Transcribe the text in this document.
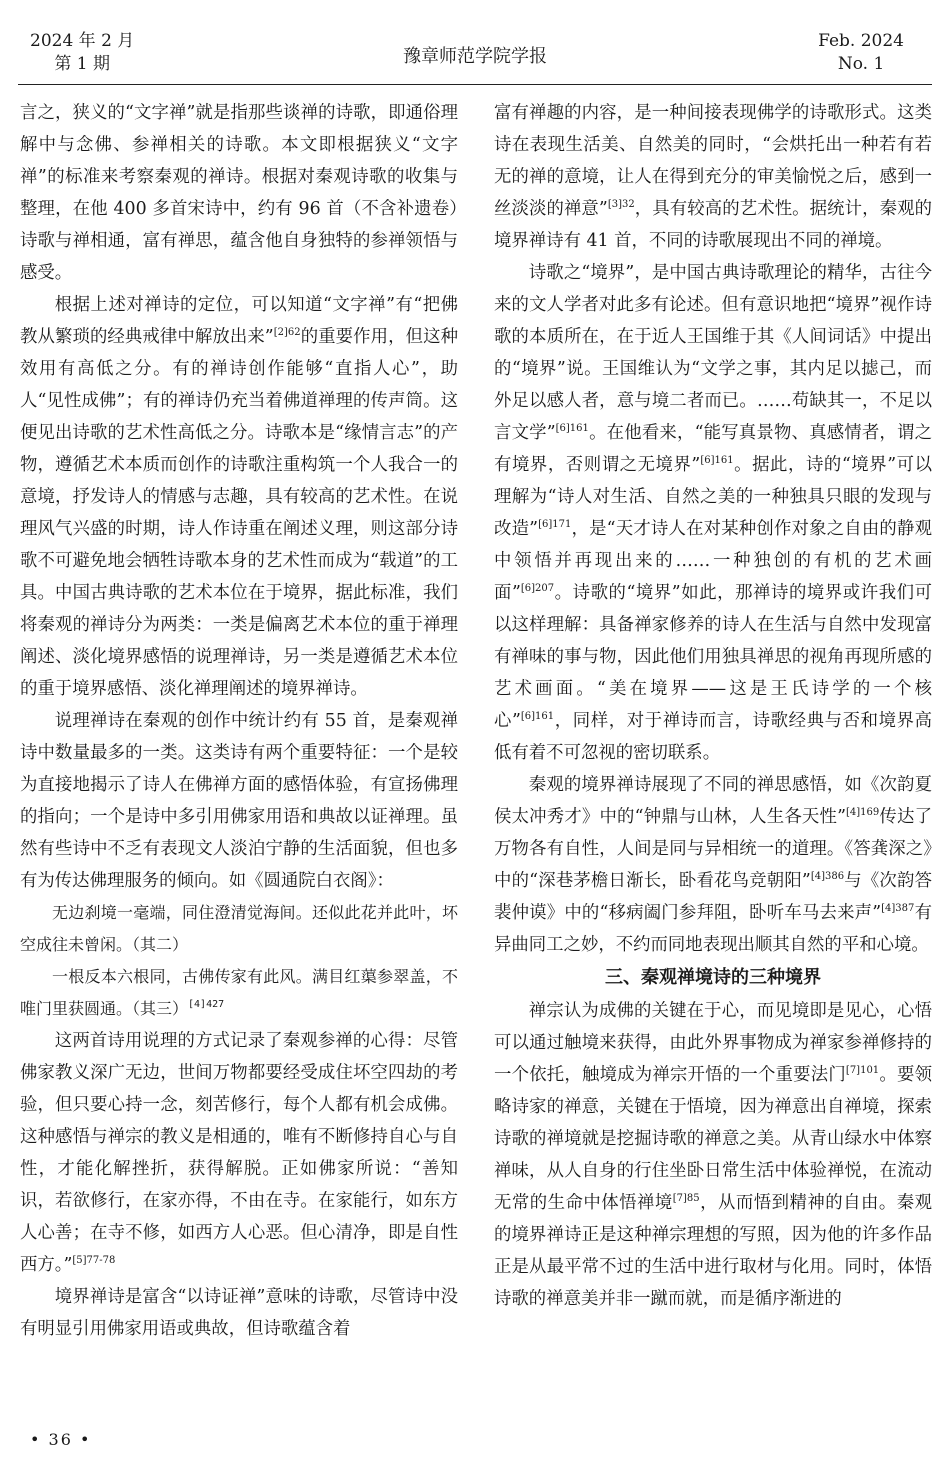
2024 年 2 月
第 1 期	豫章师范学院学报
Feb. 2024
No. 1

言之，狭义的“文字禅”就是指那些谈禅的诗歌，即通俗理解中与念佛、参禅相关的诗歌。本文即根据狭义“文字禅”的标准来考察秦观的禅诗。根据对秦观诗歌的收集与整理，在他 400 多首宋诗中，约有 96 首（不含补遗卷）诗歌与禅相通，富有禅思，蕴含他自身独特的参禅领悟与感受。

根据上述对禅诗的定位，可以知道“文字禅”有“把佛教从繁琐的经典戒律中解放出来”$^{[2]62}$的重要作用，但这种效用有高低之分。有的禅诗创作能够“直指人心”，助人“见性成佛”；有的禅诗仍充当着佛道禅理的传声筒。这便见出诗歌的艺术性高低之分。诗歌本是“缘情言志”的产物，遵循艺术本质而创作的诗歌注重构筑一个人我合一的意境，抒发诗人的情感与志趣，具有较高的艺术性。在说理风气兴盛的时期，诗人作诗重在阐述义理，则这部分诗歌不可避免地会牺牲诗歌本身的艺术性而成为“载道”的工具。中国古典诗歌的艺术本位在于境界，据此标准，我们将秦观的禅诗分为两类：一类是偏离艺术本位的重于禅理阐述、淡化境界感悟的说理禅诗，另一类是遵循艺术本位的重于境界感悟、淡化禅理阐述的境界禅诗。

说理禅诗在秦观的创作中统计约有 55 首，是秦观禅诗中数量最多的一类。这类诗有两个重要特征：一个是较为直接地揭示了诗人在佛禅方面的感悟体验，有宣扬佛理的指向；一个是诗中多引用佛家用语和典故以证禅理。虽然有些诗中不乏有表现文人淡泊宁静的生活面貌，但也多有为传达佛理服务的倾向。如《圆通院白衣阁》：

无边刹境一毫端，同住澄清觉海间。还似此花并此叶，坏空成往未曾闲。（其二）

一根反本六根同，古佛传家有此风。满目红蕖参翠盖，不唯门里获圆通。（其三）$^{[4]427}$

这两首诗用说理的方式记录了秦观参禅的心得：尽管佛家教义深广无边，世间万物都要经受成住坏空四劫的考验，但只要心持一念，刻苦修行，每个人都有机会成佛。这种感悟与禅宗的教义是相通的，唯有不断修持自心与自性，才能化解挫折，获得解脱。正如佛家所说：“善知识，若欲修行，在家亦得，不由在寺。在家能行，如东方人心善；在寺不修，如西方人心恶。但心清净，即是自性西方。”$^{[5]77-78}$

境界禅诗是富含“以诗证禅”意味的诗歌，尽管诗中没有明显引用佛家用语或典故，但诗歌蕴含着

富有禅趣的内容，是一种间接表现佛学的诗歌形式。这类诗在表现生活美、自然美的同时，“会烘托出一种若有若无的禅的意境，让人在得到充分的审美愉悦之后，感到一丝淡淡的禅意”$^{[3]32}$，具有较高的艺术性。据统计，秦观的境界禅诗有 41 首，不同的诗歌展现出不同的禅境。

诗歌之“境界”，是中国古典诗歌理论的精华，古往今来的文人学者对此多有论述。但有意识地把“境界”视作诗歌的本质所在，在于近人王国维于其《人间词话》中提出的“境界”说。王国维认为“文学之事，其内足以摅己，而外足以感人者，意与境二者而已。……苟缺其一，不足以言文学”$^{[6]161}$。在他看来，“能写真景物、真感情者，谓之有境界，否则谓之无境界”$^{[6]161}$。据此，诗的“境界”可以理解为“诗人对生活、自然之美的一种独具只眼的发现与改造”$^{[6]171}$，是“天才诗人在对某种创作对象之自由的静观中领悟并再现出来的……一种独创的有机的艺术画面”$^{[6]207}$。诗歌的“境界”如此，那禅诗的境界或许我们可以这样理解：具备禅家修养的诗人在生活与自然中发现富有禅味的事与物，因此他们用独具禅思的视角再现所感的艺术画面。“美在境界——这是王氏诗学的一个核心”$^{[6]161}$，同样，对于禅诗而言，诗歌经典与否和境界高低有着不可忽视的密切联系。

秦观的境界禅诗展现了不同的禅思感悟，如《次韵夏侯太冲秀才》中的“钟鼎与山林，人生各天性”$^{[4]169}$传达了万物各有自性，人间是同与异相统一的道理。《答龚深之》中的“深巷茅檐日渐长，卧看花鸟竞朝阳”$^{[4]386}$与《次韵答裴仲谟》中的“移病阖门参拜阻，卧听车马去来声”$^{[4]387}$有异曲同工之妙，不约而同地表现出顺其自然的平和心境。

三、秦观禅境诗的三种境界

禅宗认为成佛的关键在于心，而见境即是见心，心悟可以通过触境来获得，由此外界事物成为禅家参禅修持的一个依托，触境成为禅宗开悟的一个重要法门$^{[7]101}$。要领略诗家的禅意，关键在于悟境，因为禅意出自禅境，探索诗歌的禅境就是挖掘诗歌的禅意之美。从青山绿水中体察禅味，从人自身的行住坐卧日常生活中体验禅悦，在流动无常的生命中体悟禅境$^{[7]85}$，从而悟到精神的自由。秦观的境界禅诗正是这种禅宗理想的写照，因为他的许多作品正是从最平常不过的生活中进行取材与化用。同时，体悟诗歌的禅意美并非一蹴而就，而是循序渐进的

• 36 •
